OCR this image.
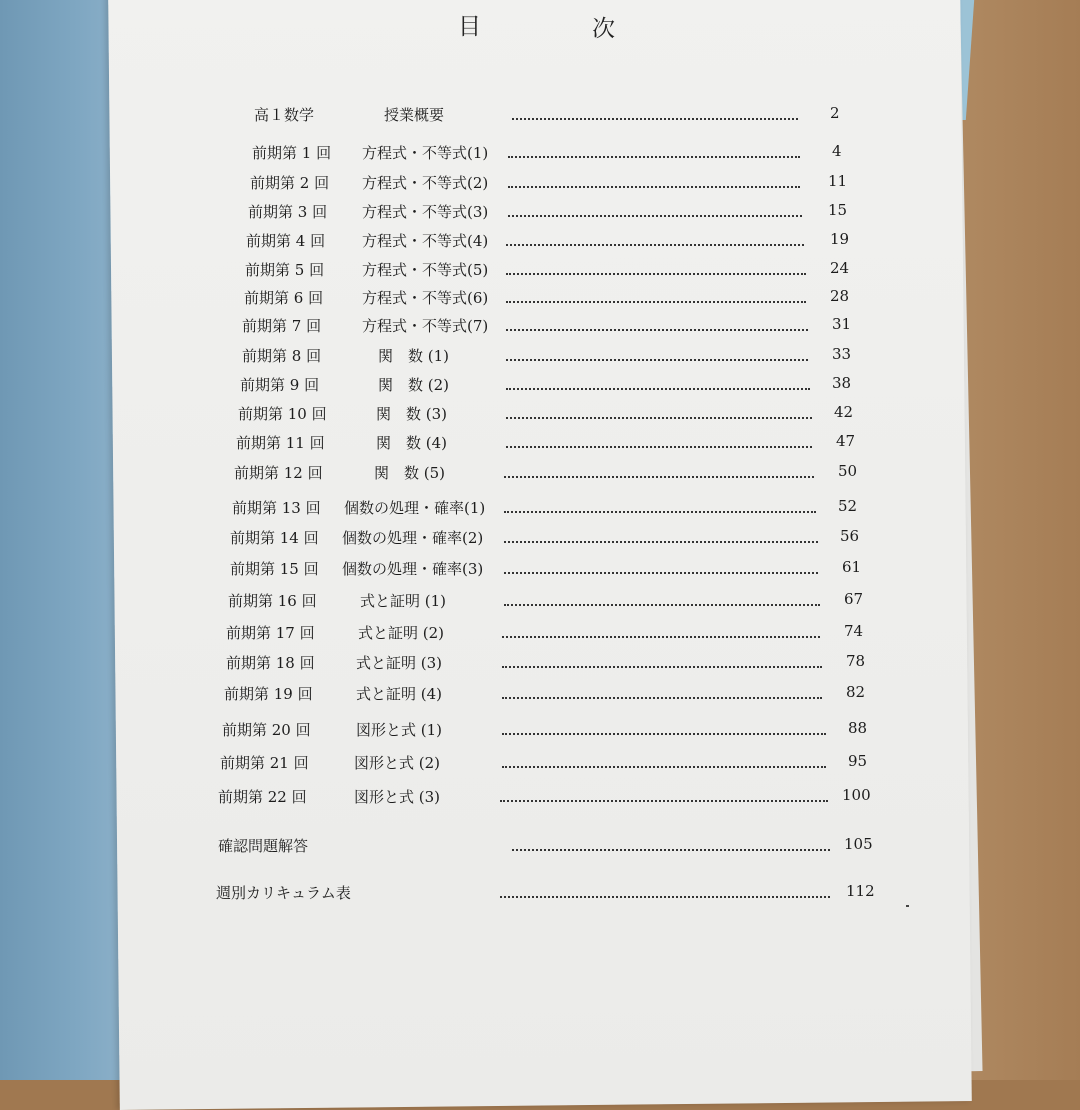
目	次
高１数学	授業概要	2
前期第 1 回 方程式・不等式(1)	4
前期第 2 回 方程式・不等式(2)	11
前期第 3 回 方程式・不等式(3)	15
前期第 4 回 方程式・不等式(4)	19
前期第 5 回	方程式・不等式(5)	24
前期第 6 回	方程式・不等式(6)	28
前期第 7 回	方程式・不等式(7)	31
前期第 8 回	関　数 (1)	33
前期第 9 回	関　数 (2)	38
前期第 10 回	関　数 (3)	42
前期第 11 回	関　数 (4)	47
前期第 12 回	関　数 (5)	50
前期第 13 回 個数の処理・確率(1)	52
前期第 14 回 個数の処理・確率(2)	56
前期第 15 回 個数の処理・確率(3)	61
前期第 16 回	式と証明 (1)	67
前期第 17 回	式と証明 (2)	74
前期第 18 回	式と証明 (3)	78
前期第 19 回	式と証明 (4)	82
前期第 20 回	図形と式 (1)	88
前期第 21 回	図形と式 (2)	95
前期第 22 回	図形と式 (3)	100
確認問題解答	105
週別カリキュラム表	112
